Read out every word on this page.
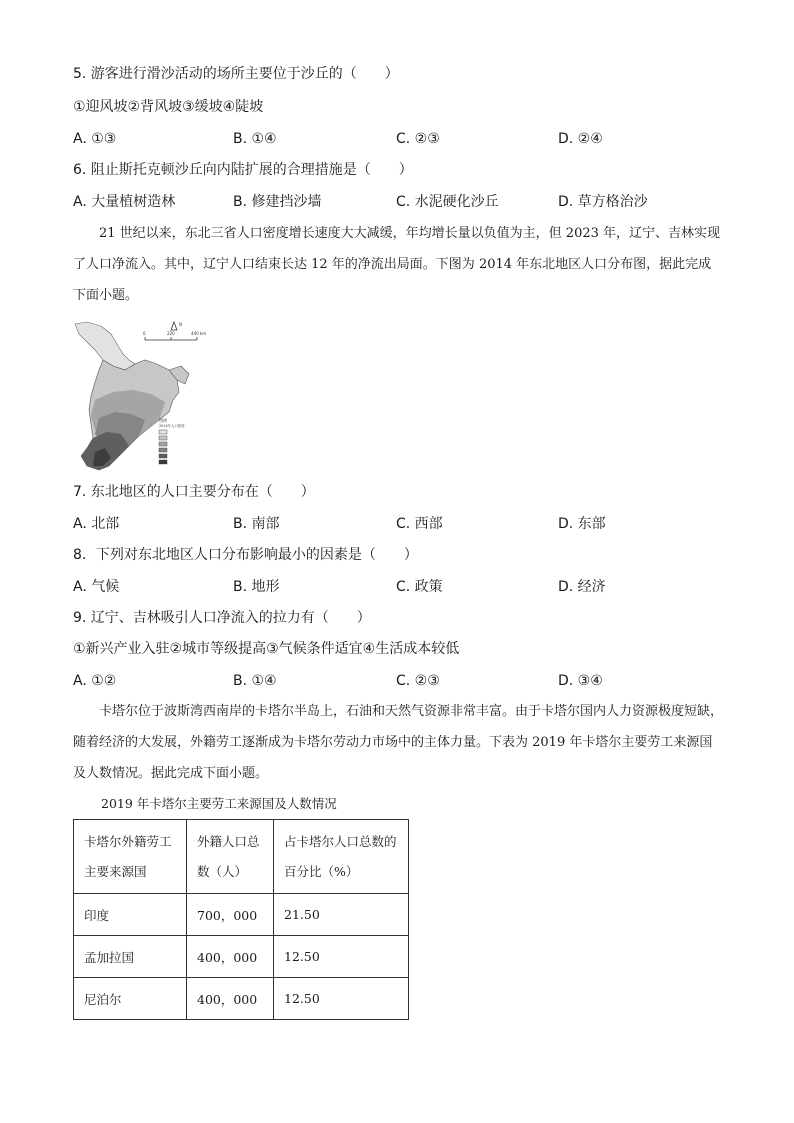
5. 游客进行滑沙活动的场所主要位于沙丘的（　　）
①迎风坡②背风坡③缓坡④陡坡
A. ①③	B. ①④	C. ②③	D. ②④
6. 阻止斯托克顿沙丘向内陆扩展的合理措施是（　　）
A. 大量植树造林	B. 修建挡沙墙	C. 水泥硬化沙丘	D. 草方格治沙
21 世纪以来，东北三省人口密度增长速度大大减缓，年均增长量以负值为主，但 2023 年，辽宁、吉林实现了人口净流入。其中，辽宁人口结束长达 12 年的净流出局面。下图为 2014 年东北地区人口分布图，据此完成下面小题。
0	220	440 km
N
图例
2014年人口密度
7. 东北地区的人口主要分布在（　　）
A. 北部	B. 南部	C. 西部	D. 东部
8．下列对东北地区人口分布影响最小的因素是（　　）
A. 气候	B. 地形	C. 政策	D. 经济
9. 辽宁、吉林吸引人口净流入的拉力有（　　）
①新兴产业入驻②城市等级提高③气候条件适宜④生活成本较低
A. ①②	B. ①④	C. ②③	D. ③④
卡塔尔位于波斯湾西南岸的卡塔尔半岛上，石油和天然气资源非常丰富。由于卡塔尔国内人力资源极度短缺，随着经济的大发展，外籍劳工逐渐成为卡塔尔劳动力市场中的主体力量。下表为 2019 年卡塔尔主要劳工来源国及人数情况。据此完成下面小题。
2019 年卡塔尔主要劳工来源国及人数情况
卡塔尔外籍劳工主要来源国	外籍人口总数（人）	占卡塔尔人口总数的百分比（%）
印度	700，000	21.50
孟加拉国	400，000	12.50
尼泊尔	400，000	12.50
